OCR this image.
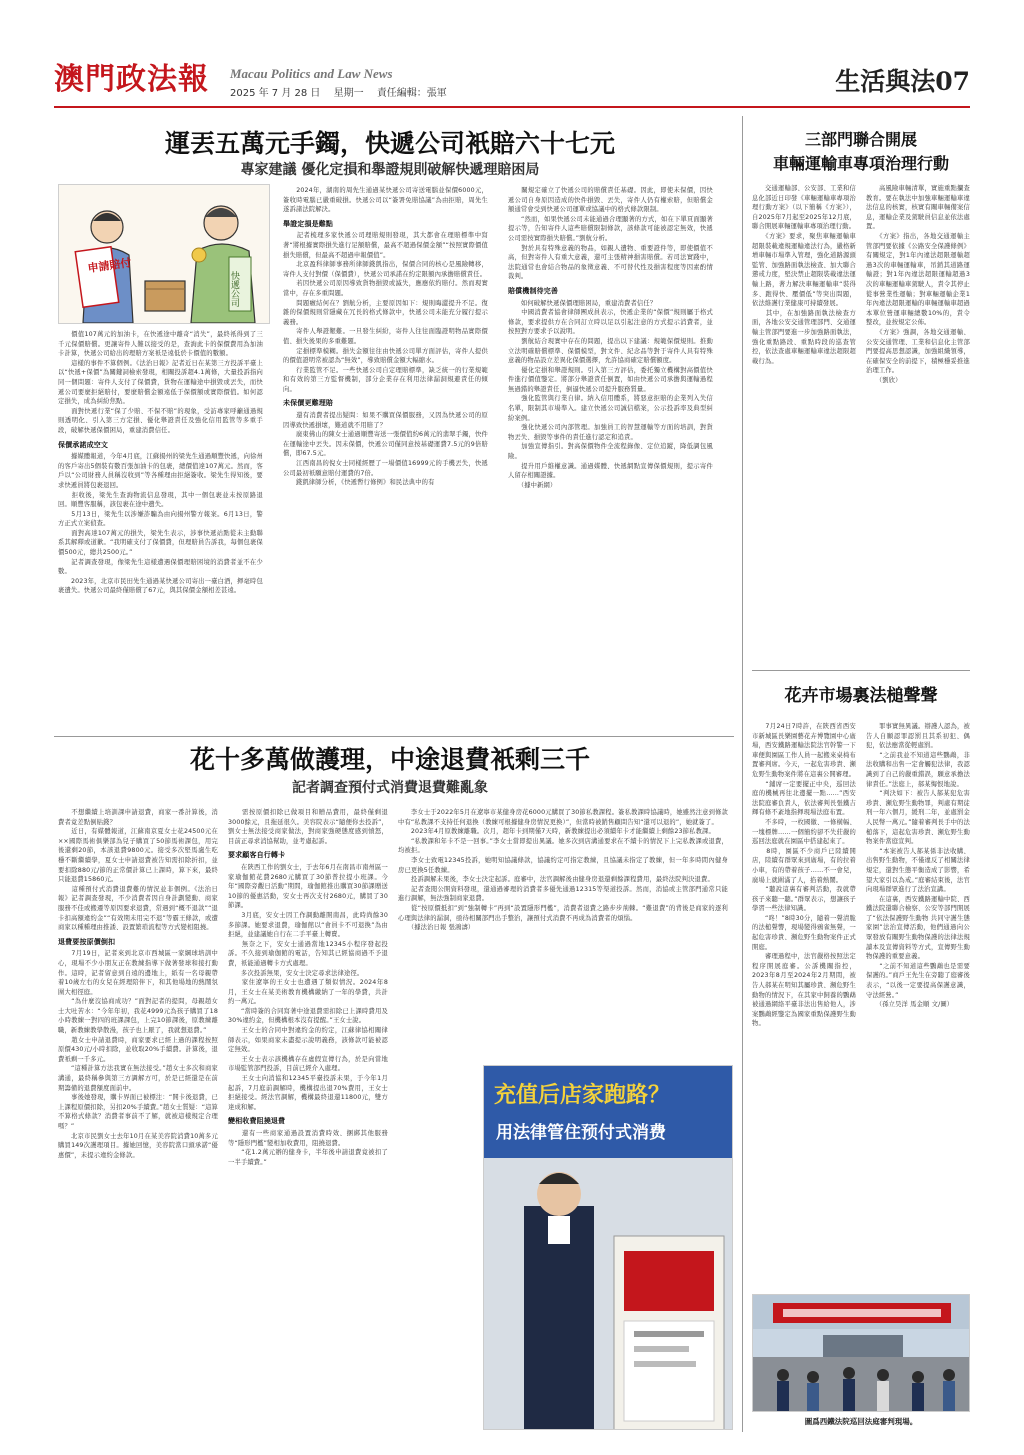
澳門政法報 Macau Politics and Law News
2025 年 7 月 28 日 星期一 責任編輯：張軍	生活與法07
運丟五萬元手鐲，快遞公司衹賠六十七元
專家建議 優化定損和舉證規則破解快遞理賠困局
申請賠付
快遞公司

　　價值107萬元的加油卡，在快遞途中離奇“消失”，最終衹得到了三千元保價賠償。更讓寄件人難以接受的是，查詢此卡的保價費用為加油卡計算，快遞公司給出的理賠方案衹是遠低於卡價值的數額。

　　這樣的事件不算個例。《法治日報》記者近日在某第三方投訴平臺上以“快遞+保價”為關鍵詞檢索發現，相關投訴超4.1萬條，大量投訴指向同一個問題：寄件人支付了保價費，貨物在運輸途中損毀或丟失，而快遞公司要麼拒絕賠付，要麼賠償金額遠低于保價額或實際價值。如何認定損失，成為糾紛焦點。

　　面對快遞行業“保了少賠、不保不賠”的現象，受訪專家呼籲通過規則透明化、引入第三方定損、優化舉證責任及強化信用監管等多重手段，破解快遞保價困局，重建消費信任。

保價承諾成空文

　　據媒體報道，今年4月底，江蘇揚州的梁先生通過順豐快遞，向徐州的客戶寄出5個裝有數百張加油卡的包裹，總價值達107萬元。然而，客戶以“公司財務人員稱沒收到”等各種理由拒絕簽收。梁先生得知後，要求快遞員將包裹退回。

　　拒收後，梁先生查詢物流信息發現，其中一個包裹並未按原路退回。順豐客服稱，該包裹在途中遺失。

　　5月13日，梁先生以涉嫌詐騙為由向揚州警方報案。6月13日，警方正式立案偵查。

　　面對高達107萬元的損失，梁先生表示，涉事快遞站點從未主動聯系其解釋或道歉。“我明確支付了保價費，但理賠員告訴我，每個包裹保價500元，總共2500元。”

　　記者調查發現，像梁先生這樣遭遇保價理賠困境的消費者並不在少數。

　　2023年，北京市民田先生通過某快遞公司寄出一臺白酒，揮毫時包裹遺失。快遞公司最終僅賠償了67元，與其保價金額相差甚遠。

　　2024年，湖南的周先生通過某快遞公司寄送電腦並保價6000元，簽收時電腦已嚴重破損。快遞公司以“簽署免賠協議”為由拒賠，周先生遂訴諸法院解決。

舉證定損是難點

　　記者梳理多家快遞公司理賠規則發現，其大都會在理賠標準中寫著“將根據實際損失進行足額賠償，最高不超過保價金額”“按照實際價值損失賠償，但最高不超過申報價值”。

　　北京盈科律師事務所律師錢凱指出，保價合同的核心是風險轉移，寄件人支付對價（保價費），快遞公司承諾在約定限額內承擔賠償責任。

　　若因快遞公司原因導致貨物損毀或滅失，應應依約賠付。然而現實當中，存在多重問題。

　　問題癥結何在？劉航分析，主要原因如下：規則晦澀提升不足。復雜的保價規則常隱藏在冗長的格式條款中，快遞公司未能充分履行提示義務。

　　寄件人舉證艱難。一旦發生糾紛，寄件人往往面臨證明物品實際價值、損失後果的多重難題。

　　定損標準模糊。損失金額往往由快遞公司單方面評估，寄件人提供的價值證明常被認為“無效”，導致賠償金額大幅縮水。

　　行業監管不足。一些快遞公司自定理賠標準，缺乏統一的行業規範和有效的第三方監督機制，部分企業存在利用法律漏洞規避責任的傾向。

未保價更難理賠

　　還有消費者提出疑問：如果不購買保價服務，又因為快遞公司的原因導致快遞損壞，難道就不用賠了？

　　廣東佛山的陳女士通過順豐寄送一張價值約6萬元的翡翠手鐲，快件在運輸途中丟失。因未保價，快遞公司僅同意按基礎運費7.5元的9倍賠償，即67.5元。

　　江西南昌的倪女士同樣經歷了一場價值16999元的手機丟失，快遞公司最初衹願意賠付運費的7倍。

　　錢凱律師分析，《快遞暫行條例》和民法典中的有

　　關規定確立了快遞公司的賠償責任基礎。因此，即使未保價，因快遞公司自身原因造成的快件損毀、丟失，寄件人仍有權索賠，但賠償金額通常會受到快遞公司運單或協議中的格式條款限制。

　　“然而，如果快遞公司未能通過合理顯著的方式，如在下單頁面顯著提示等，告知寄件人這些賠償限制條款，該條款可能被認定無效，快遞公司需按實際損失賠償。”劉航分析。

　　對於具有特殊意義的物品，如親人遺物、重要證件等，即使價值不高，但對寄件人有重大意義，還可主張精神損害賠償。若司法實踐中，法院通常也會結合物品的象徵意義、不可替代性及損害程度等因素酌情裁判。

賠償機制待完善

　　如何破解快遞保價理賠困局，重建消費者信任？

　　中國消費者協會律師團成員表示，快遞企業的“保價”規則屬于格式條款，要求提供方在合同訂立時以足以引起注意的方式提示消費者，並按照對方要求予以說明。

　　劉航結合現實中存在的問題，提出以下建議：規範保價規則。推動立法明確賠償標準、保價模型，對文件、紀念品等對于寄件人具有特殊意義的物品設立差異化保價選擇，允許協商確定賠償額度。

　　優化定損和舉證規則。引入第三方評估，委托獨立機構對高價值快件進行價值鑒定。將部分舉證責任倒置，如由快遞公司承擔與運輸過程無過錯的舉證責任，倒逼快遞公司提升服務質量。

　　強化監管與行業自律。納入信用體系，將惡意拒賠的企業列入失信名單，限制其市場準入。建立快遞公司誠信檔案，公示投訴率及典型糾紛案例。

　　強化快遞公司內部管理。加強員工的智慧運輸等方面的培訓，對貨物丟失、損毀等事件的責任進行認定和追責。

　　加強宣傳指引。對高保價物件全流程錄像、定位追蹤，降低調包風險。

　　提升用戶維權意識。通過媒體、快遞網點宣傳保價規則，提示寄件人留存相關證據。

　　（據中新網）

花十多萬做護理，中途退費衹剩三千
記者調查預付式消費退費難亂象

　　不想繼續上培訓課申請退費，商家一番計算後，消費者竟差點倒貼錢？

　　近日，有媒體報道，江蘇南京夏女士花24500元在××國際馬術俱樂部為兒子購買了50節馬術課包，用完後還剩20節，本該退費9800元。接受多次堅馬盧生吃穩不斷繼續學，夏女士申請退費被告知需扣除折扣，並要扣除880元/節的正常價計算已上課時，算下來，最終只能退費15860元。

　　這種預付式消費退費難的情況並非個例。《法治日報》記者調查發現，不少消費者因自身計劃變動、商家服務不佳或搬遷等原因要求退費，常遇到“概不退款”“退卡扣高額違約金”“有效期未用完不退”等霸王條款，或遭商家以種種理由推諉、設置繁瑣流程等方式變相阻撓。

退費要按原價倒扣

　　7月19日，記者來到北京市西城區一家綱球培訓中心，現場不少小朋友正在教練指導下做著發球和接打動作。這時，記者留意到自遠的邊地上，紙有一名母親帶着10歲左右的女兒在經理陪伴下，和其他場地的熱鬧氛圍大相徑庭。

　　“為什麼沒協商成功？”面對記者的提問，母親趙女士大吐苦水：“今年年初，我花4999元為孩子購買了18小時教練一對四的班課課包，上完10節課後，原教練離職，新教練教學散漫，孩子也上厭了，我就想退費。”

　　趙女士申請退費時，商家要求已經上過的課程按照原價430元/小時扣除，並收取20%手續費。計算後，退費衹剩一千多元。

　　“這種計算方法我實在無法接受。”趙女士多次和商家溝通，最終稱參與第三方調解方可，於是已經還是在前期籌備的退費額度面前中。

　　事後她發現，購卡界面已被標注：“開卡後退費，已上課程原價扣除，另扣20%手續費。”趙女士質疑：“這算不算格式條款？消費者事前不了解，就被這樣規定合理嗎？”

　　北京市民劉女士去年10月在某美容院消費10萬多元購買149次護理項目。據她回憶，美容院當口頭承諾“優惠價”，未提示違約金條款。

　　需按原價扣除已做項目和贈品費用，最終僅剩退3000餘元，且拖延很久。美容院表示“隨便你去投訴”，劉女士無法接受商家做法，對商家強硬態度感到憤怒，目前正尋求消協幫助，並考慮起訴。

要求顧客自行轉卡

　　在陝西工作的劉女士，于去年6月在南昌市南州區一家瑜伽館花費2680元購買了30節普拉提小班課。今年“國際旁觀日活動”期間，瑜伽館推出購買30節課贈送10節的優惠活動，安女士再次支付2680元，購買了30節課。

　　3月底，安女士因工作調動離開南昌，此時尚餘30多節課。她要求退費，瑜伽館以“會員卡不可退換”為由拒絕，並建議她自行在二手平臺上轉賣。

　　無奈之下，安女士通過當地12345小程序發起投訴。不久接到瑜伽館的電話，告知其已經協商過不予退費，衹能通過轉卡方式處理。

　　多次投訴無果，安女士決定尋求法律途徑。

　　家住遼寧的王女士也遭遇了類似情況。2024年8月，王女士在某美術教育機構繳納了一年的學費，共計約一萬元。

　　“當時簽的合同寫著中途退費需扣除已上課時費用及30%違約金，但機構根本沒有提醒。”王女士說。

　　王女士的合同中對違約金的約定，江蘇律協相關律師表示，如果商家未盡提示說明義務，該條款可能被認定無效。

　　王女士表示該機構存在虛假宣傳行為，於是向當地市場監管部門投訴，目前已經介入處理。

　　王女士向消協和12345平臺投訴未果，于今年1月起訴，7月庭前調解時，機構提出退70%費用，王女士拒絕接受。經法官調解，機構最終退還11800元，雙方達成和解。

變相收費阻撓退費

　　還有一些商家通過設置消費時效、捆綁其他服務等“隱形門檻”變相加收費用，阻撓退費。

　　“花1.2萬元辦的健身卡，半年後申請退費竟被扣了一半手續費。”

　　李女士于2022年5月在遼寧市某健身房花6000元購買了30節私教課程。簽私教課時協議時，她雖然注意到條款中有“私教課不支持任何退換（教練可根據健身房情況更換）”，但當時被銷售顧問告知“還可以退的”，她就簽了。

　　2023年4月原教練離職。次月，超年卡到期僅7天時，新教練提出必須續年卡才能繼續上剩餘23節私教課。

　　“私教課和年卡不是一回事。”李女士當即提出異議。她多次到店溝通要求在不續卡的情況下上完私教課或退費，均被拒。

　　李女士致電12345投訴，她明知協議條款，協議約定可指定教練，且協議未指定了教練，但一年多時間內健身房已更換5任教練。

　　投訴調解未果後，李女士決定起訴。庭審中，法官調解後由健身房退還剩餘課程費用，最終法院判決退費。

　　記者查閱公開資料發現，還通過審理的消費者多優先通過12315等渠道投訴。然而，消協或主管部門通常只能進行調解，無法強制商家退費。

　　從“按原價抵扣”到“強制轉卡”再到“設置隱形門檻”，消費者退費之路步步荊棘。“難退費”的背後是商家的逐利心理與法律的漏洞，亟待相關部門出手整治，讓預付式消費不再成為消費者的煩惱。

　　（據法治日報 張鴻濤）

充值后店家跑路？
用法律管住预付式消费
三部門聯合開展
車輛運輸車專項治理行動

　　交通運輸部、公安部、工業和信息化部近日印發《車輛運輸車專項治理行動方案》（以下簡稱《方案》），自2025年7月起至2025年12月底，聯合開展車輛運輸車專項治理行動。

　　《方案》要求，聚焦車輛運輸車超限裝載違規運輸違法行為，嚴格新增車輛市場準入管理，強化道路源頭監管、加強路面執法檢查、加大聯合懲戒力度，堅決禁止超限裝載違法運輸上路，著力解決車輛運輸車“裝得多、跑得快、壓價低”等突出問題，依法維護行業健康可持續發展。

　　其中，在加強路面執法檢查方面，各地公安交通管理部門、交通運輸主管部門要進一步加強路面執法，強化重點路段、重點時段的巡查管控，依法查處車輛運輸車違法超限超載行為。

　　高風險車輛清單，實施重點攔查教育。要在執法中加強車輛運輸車違法信息的核實，核實有關車輛備案信息，運輸企業及駕駛員信息並依法處置。

　　《方案》指出，各地交通運輸主管部門要依據《公路安全保護條例》有關規定，對1年內違法超限運輸超過3次的車輛運輸車，吊銷其道路運輸證；對1年內違法超限運輸超過3次的車輛運輸車駕駛人，責令其停止從事營業性運輸；對車輛運輸企業1年內違法超限運輸的車輛運輸車超過本單位營運車輛總數10%的，責令整改，並按規定公佈。

　　《方案》強調，各地交通運輸、公安交通管理、工業和信息化主管部門要提高思想認識，加強組織領導，在確保安全的前提下，積極穩妥推進治理工作。

　　（劉欣）

花卉市場裏法槌聲聲

　　7月24日7時許，在陝西省西安市新城區長樂園藝花卉博覽園中心廣場，西安鐵路運輸法院法官幹警一下車便與園區工作人員一起搬來桌椅布置審判席。今天，一起危害珍貴、瀕危野生動物案件將在這裏公開審理。

　　“鋪席一定要擺正中央，巡回法庭的機械再往北邊擺一點……”西安法院庭審負責人，依法審判長張鐵吉輝有條不紊地指揮現場法庭布置。

　　不多時，一枚國徽、一條橫幅、一塊標牌……一個簡約卻不失莊嚴的巡回法庭就在園區中搭建起來了。

　　8時，園區不少商戶已陸續開店，陸續有群眾來到廣場，有的拉着小車，有的帶着孩子……不一會兒，廣場上就圍滿了人，掐着熱鬧。

　　“聽說這裏有審判活動，我就帶孩子來聽一聽。”群眾表示，想讓孩子學習一些法律知識。

　　“咚！”8時30分，隨着一聲清脆的法槌聲響，現場變得鴉雀無聲，一起危害珍貴、瀕危野生動物案件正式開庭。

　　審理過程中，法官嚴格按照法定程序開展庭審。公訴機關指控，2023年8月至2024年2月期間，被告人郝某在明知其屬珍貴、瀕危野生動物的情況下，在其家中飼養的鸚鵡被通過網絡平臺非法出售給他人，涉案鸚鵡經鑒定為國家重點保護野生動物。

　　罪事實無異議。辯護人認為，被告人自願認罪認罰且其系初犯、偶犯，依法應當從輕處罰。

　　“之前我並不知道這些鸚鵡，非法收購和出售一定會觸犯法律，我認識到了自己的嚴重錯誤，願意承擔法律責任。”法庭上，郝某悔恨地說。

　　“判決如下：被告人郝某犯危害珍貴、瀕危野生動物罪，判處有期徒刑一年六個月，緩刑二年，並處罰金人民幣一萬元。”隨着審判長手中的法槌落下，這起危害珍貴、瀕危野生動物案件當庭宣判。

　　“本案被告人郝某係非法收購、出售野生動物，不僅違反了相關法律規定，還對生態平衡造成了影響，希望大家引以為戒。”庭審結束後，法官向現場群眾進行了法治宣講。

　　在這裏，西安鐵路運輸中院、西鐵法院還聯合檢察、公安等部門開展了“依法保護野生動物 共同守護生態家園”法治宣傳活動，他們通過向公眾發放有關野生動物保護的法律法規讀本及宣傳資料等方式，宣傳野生動物保護的重要意義。

　　“之前不知道這些鸚鵡也是需要保護的。”商戶王先生在旁聽了庭審後表示，“以後一定要提高保護意識，守法經營。”

　　（孫立昊洋 馬金順 文/圖）

圖爲西鐵法院巡回法庭審判現場。
